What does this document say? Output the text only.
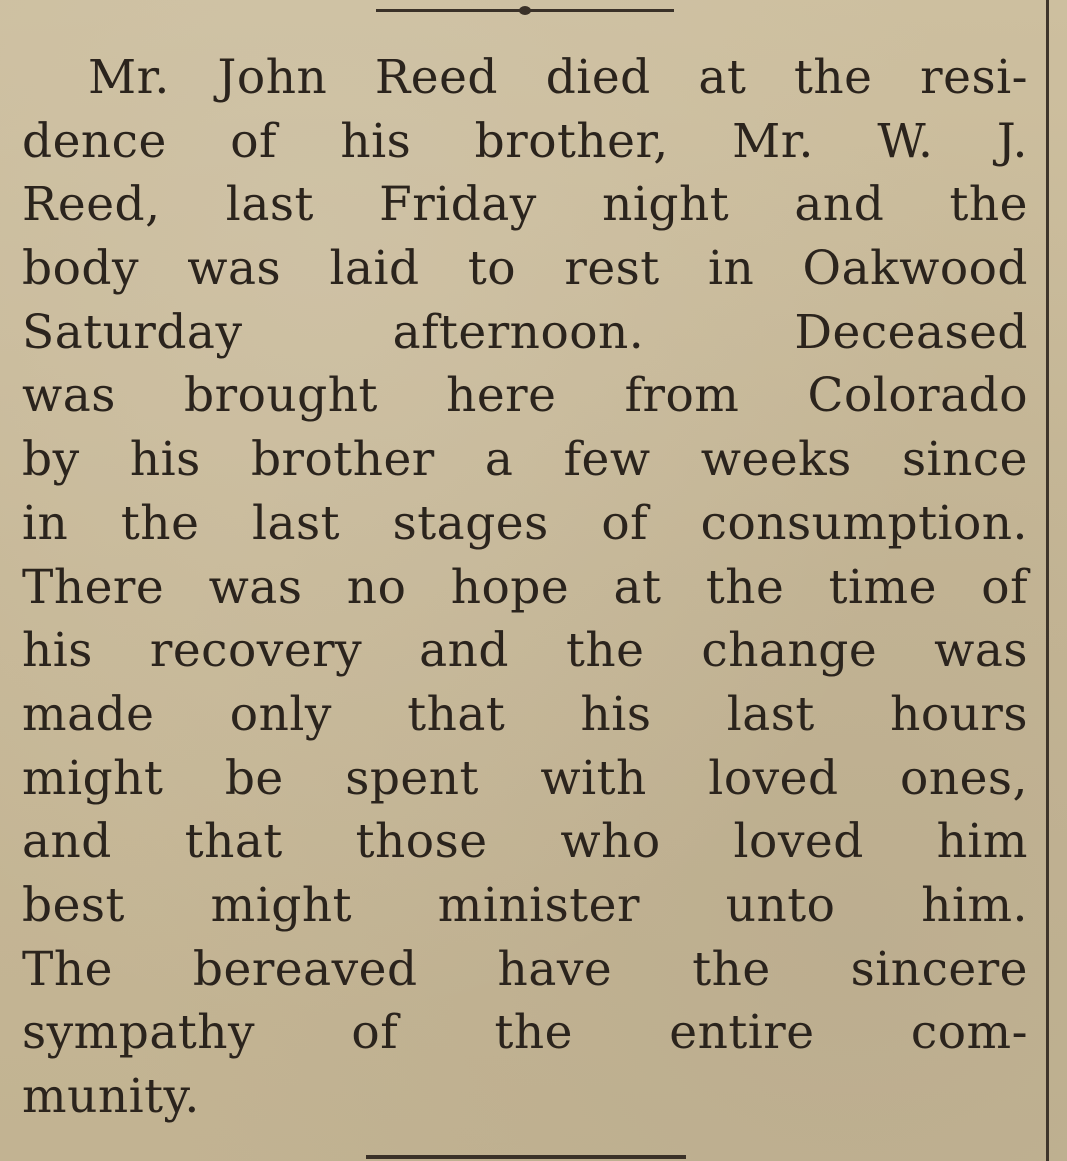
Mr. John Reed died at the resi-
dence of his brother, Mr. W. J.
Reed, last Friday night and the
body was laid to rest in Oakwood
Saturday afternoon. Deceased
was brought here from Colorado
by his brother a few weeks since
in the last stages of consumption.
There was no hope at the time of
his recovery and the change was
made only that his last hours
might be spent with loved ones,
and that those who loved him
best might minister unto him.
The bereaved have the sincere
sympathy of the entire com-
munity.
